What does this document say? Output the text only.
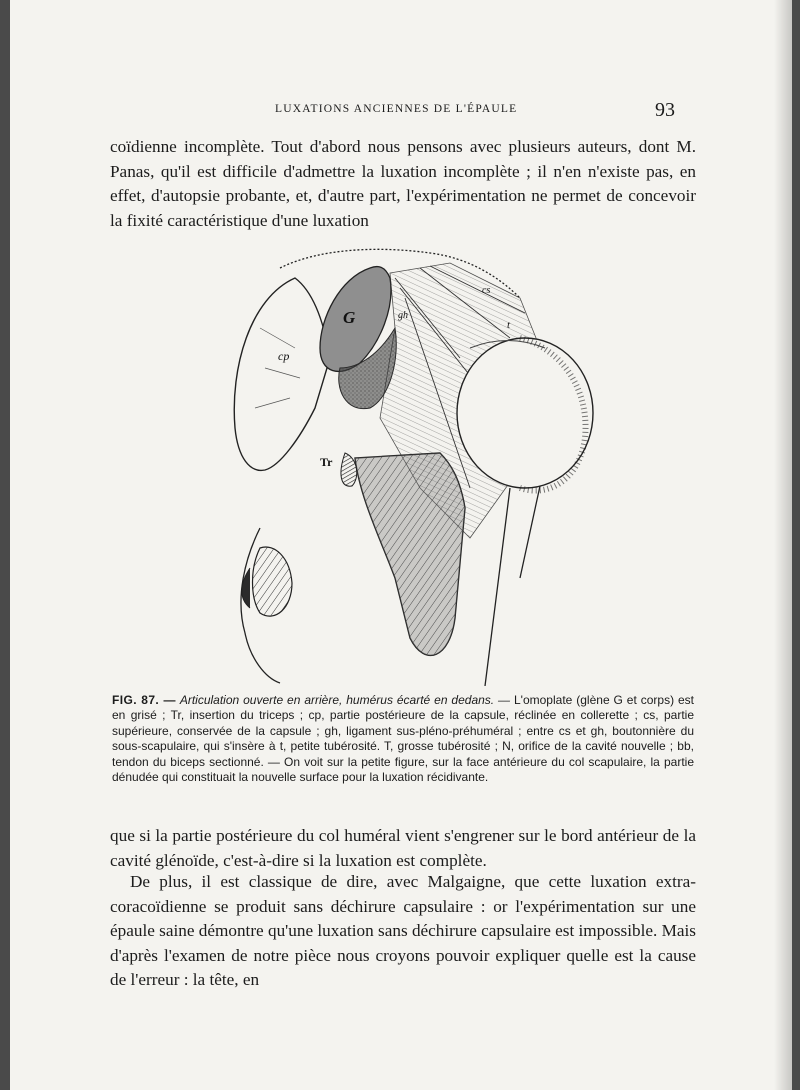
LUXATIONS ANCIENNES DE L'ÉPAULE	93

coïdienne incomplète. Tout d'abord nous pensons avec plusieurs auteurs, dont M. Panas, qu'il est difficile d'admettre la luxation incomplète ; il n'en n'existe pas, en effet, d'autopsie probante, et, d'autre part, l'expérimentation ne permet de concevoir la fixité caractéristique d'une luxation

G
cp
cs
gh
Tr
t

FIG. 87. — Articulation ouverte en arrière, humérus écarté en dedans. — L'omoplate (glène G et corps) est en grisé ; Tr, insertion du triceps ; cp, partie postérieure de la capsule, réclinée en collerette ; cs, partie supérieure, conservée de la capsule ; gh, ligament sus-pléno-préhuméral ; entre cs et gh, boutonnière du sous-scapulaire, qui s'insère à t, petite tubérosité. T, grosse tubérosité ; N, orifice de la cavité nouvelle ; bb, tendon du biceps sectionné. — On voit sur la petite figure, sur la face antérieure du col scapulaire, la partie dénudée qui constituait la nouvelle surface pour la luxation récidivante.

que si la partie postérieure du col huméral vient s'engrener sur le bord antérieur de la cavité glénoïde, c'est-à-dire si la luxation est complète.

De plus, il est classique de dire, avec Malgaigne, que cette luxation extra-coracoïdienne se produit sans déchirure capsulaire : or l'expérimentation sur une épaule saine démontre qu'une luxation sans déchirure capsulaire est impossible. Mais d'après l'examen de notre pièce nous croyons pouvoir expliquer quelle est la cause de l'erreur : la tête, en
